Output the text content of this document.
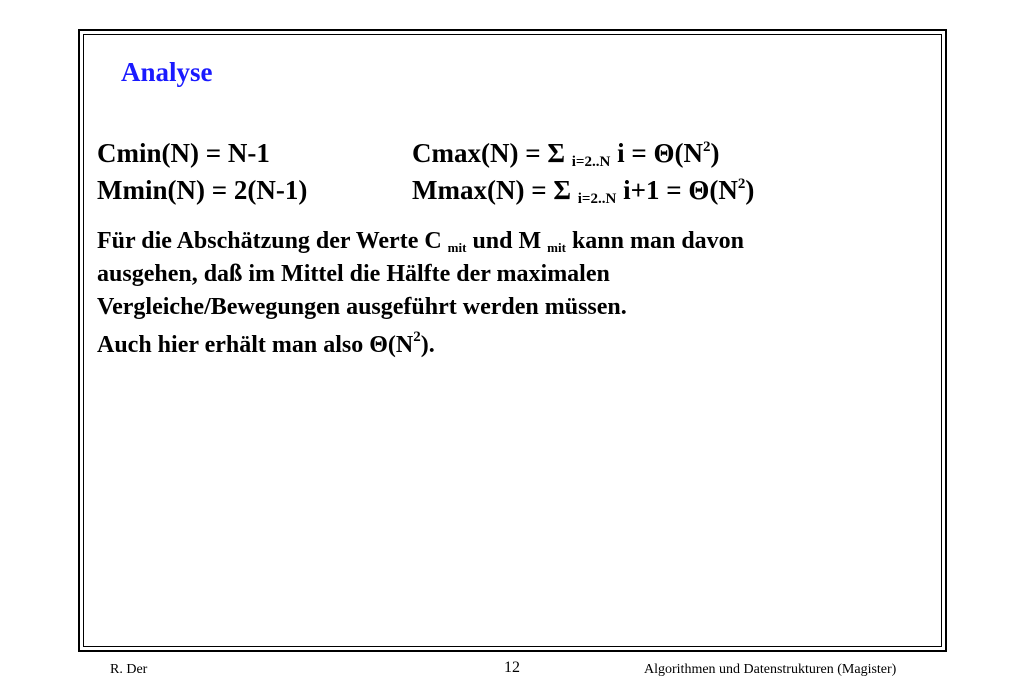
Analyse
Cmin(N) = N-1	Cmax(N) = Σ $_{i=2..N}$ $i = \Theta(N^2)$
Mmin(N) = 2(N-1)	Mmax(N) = Σ $_{i=2..N}$ $i+1 = \Theta(N^2)$
Für die Abschätzung der Werte C mit und M mit kann man davon
ausgehen, daß im Mittel die Hälfte der maximalen
Vergleiche/Bewegungen ausgeführt werden müssen.
Auch hier erhält man also $\Theta(N^2)$.
R. Der	12	Algorithmen und Datenstrukturen (Magister)
